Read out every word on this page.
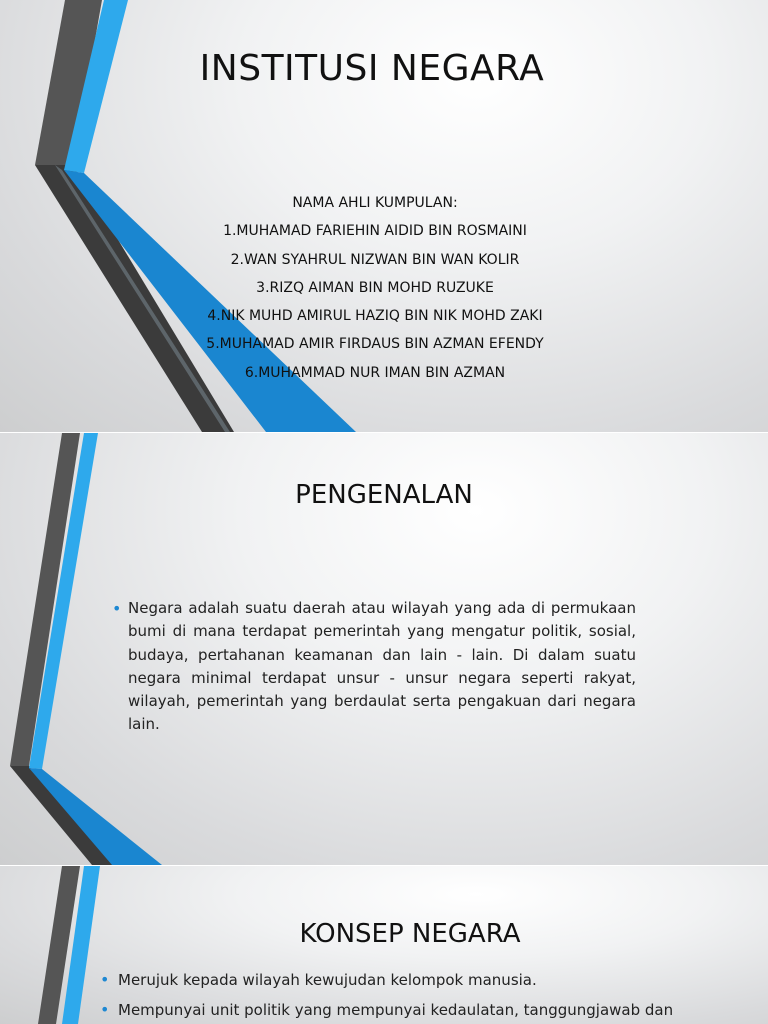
INSTITUSI NEGARA
NAMA AHLI KUMPULAN:
1.MUHAMAD FARIEHIN AIDID BIN ROSMAINI
2.WAN SYAHRUL NIZWAN BIN WAN KOLIR
3.RIZQ AIMAN BIN MOHD RUZUKE
4.NIK MUHD AMIRUL HAZIQ BIN NIK MOHD ZAKI
5.MUHAMAD AMIR FIRDAUS BIN AZMAN EFENDY
6.MUHAMMAD NUR IMAN BIN AZMAN
PENGENALAN
• Negara adalah suatu daerah atau wilayah yang ada di permukaan bumi di mana terdapat pemerintah yang mengatur politik, sosial, budaya, pertahanan keamanan dan lain - lain. Di dalam suatu negara minimal terdapat unsur - unsur negara seperti rakyat, wilayah, pemerintah yang berdaulat serta pengakuan dari negara lain.
KONSEP NEGARA
• Merujuk kepada wilayah kewujudan kelompok manusia.
• Mempunyai unit politik yang mempunyai kedaulatan, tanggungjawab dan
